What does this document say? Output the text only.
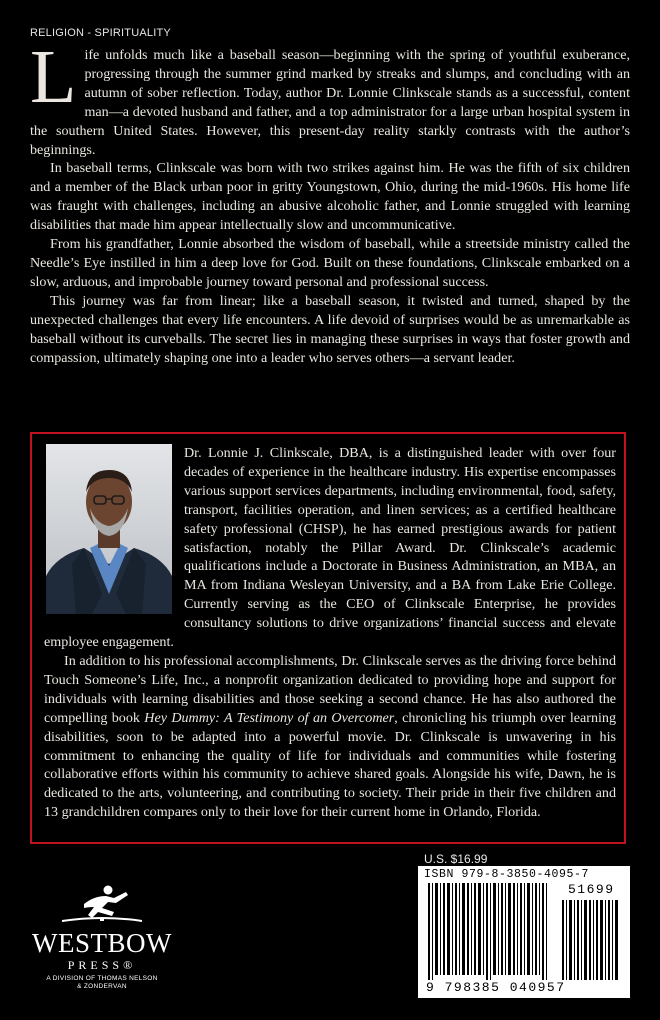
RELIGION - SPIRITUALITY

Life unfolds much like a baseball season—beginning with the spring of youthful exuberance, progressing through the summer grind marked by streaks and slumps, and concluding with an autumn of sober reflection. Today, author Dr. Lonnie Clinkscale stands as a successful, content man—a devoted husband and father, and a top administrator for a large urban hospital system in the southern United States. However, this present-day reality starkly contrasts with the author’s beginnings.

In baseball terms, Clinkscale was born with two strikes against him. He was the fifth of six children and a member of the Black urban poor in gritty Youngstown, Ohio, during the mid-1960s. His home life was fraught with challenges, including an abusive alcoholic father, and Lonnie struggled with learning disabilities that made him appear intellectually slow and uncommunicative.

From his grandfather, Lonnie absorbed the wisdom of baseball, while a streetside ministry called the Needle’s Eye instilled in him a deep love for God. Built on these foundations, Clinkscale embarked on a slow, arduous, and improbable journey toward personal and professional success.

This journey was far from linear; like a baseball season, it twisted and turned, shaped by the unexpected challenges that every life encounters. A life devoid of surprises would be as unremarkable as baseball without its curveballs. The secret lies in managing these surprises in ways that foster growth and compassion, ultimately shaping one into a leader who serves others—a servant leader.

Dr. Lonnie J. Clinkscale, DBA, is a distinguished leader with over four decades of experience in the healthcare industry. His expertise encompasses various support services departments, including environmental, food, safety, transport, facilities operation, and linen services; as a certified healthcare safety professional (CHSP), he has earned prestigious awards for patient satisfaction, notably the Pillar Award. Dr. Clinkscale’s academic qualifications include a Doctorate in Business Administration, an MBA, an MA from Indiana Wesleyan University, and a BA from Lake Erie College. Currently serving as the CEO of Clinkscale Enterprise, he provides consultancy solutions to drive organizations’ financial success and elevate employee engagement.

In addition to his professional accomplishments, Dr. Clinkscale serves as the driving force behind Touch Someone’s Life, Inc., a nonprofit organization dedicated to providing hope and support for individuals with learning disabilities and those seeking a second chance. He has also authored the compelling book Hey Dummy: A Testimony of an Overcomer, chronicling his triumph over learning disabilities, soon to be adapted into a powerful movie. Dr. Clinkscale is unwavering in his commitment to enhancing the quality of life for individuals and communities while fostering collaborative efforts within his community to achieve shared goals. Alongside his wife, Dawn, he is dedicated to the arts, volunteering, and contributing to society. Their pride in their five children and 13 grandchildren compares only to their love for their current home in Orlando, Florida.

U.S. $16.99
ISBN 979-8-3850-4095-7
51699
9 798385 040957
WESTBOW
PRESS®
A DIVISION OF THOMAS NELSON
& ZONDERVAN
